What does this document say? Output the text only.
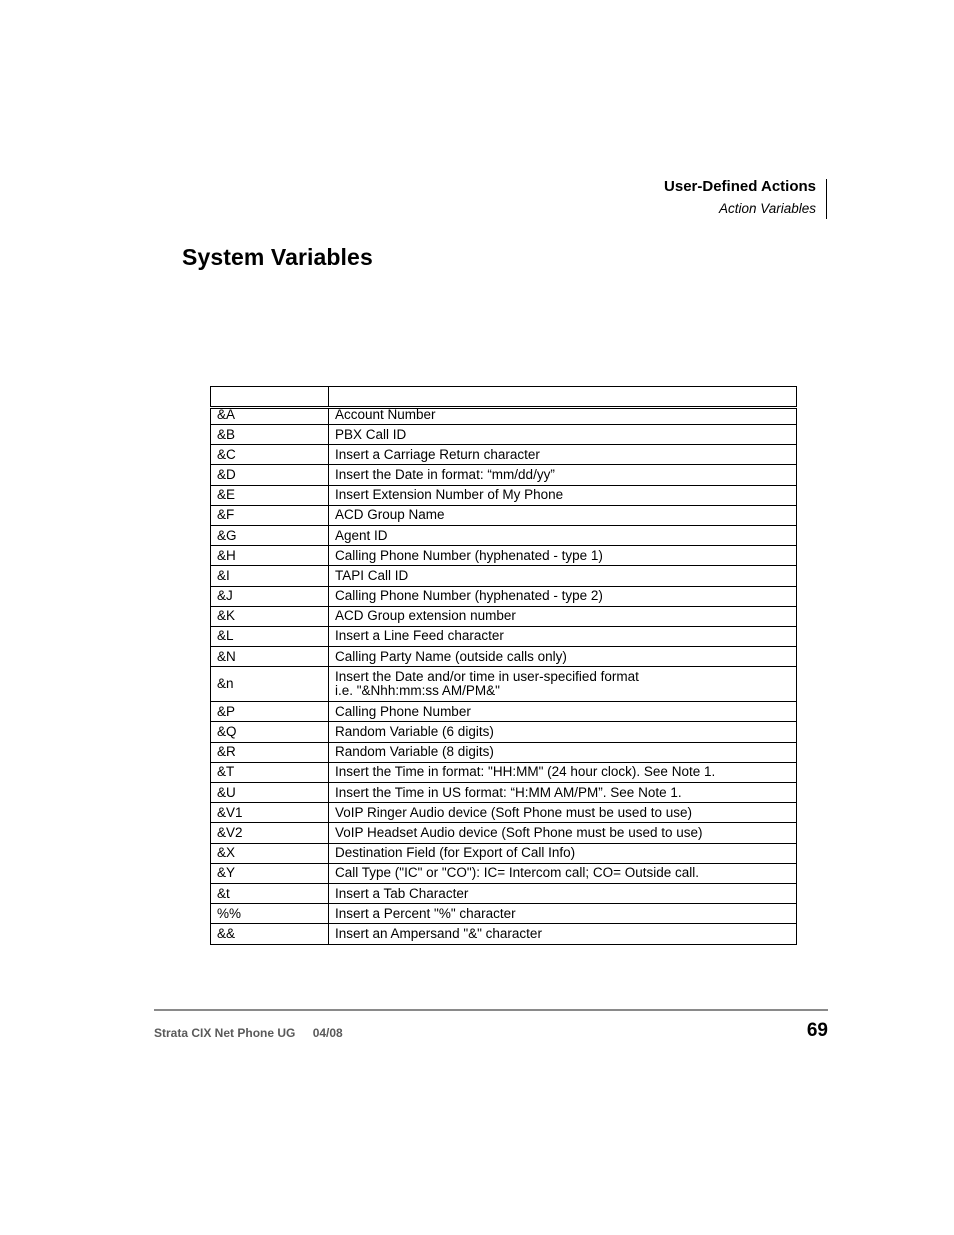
User-Defined Actions
Action Variables
System Variables

&A	Account Number
&B	PBX Call ID
&C	Insert a Carriage Return character
&D	Insert the Date in format: “mm/dd/yy”
&E	Insert Extension Number of My Phone
&F	ACD Group Name
&G	Agent ID
&H	Calling Phone Number (hyphenated - type 1)
&I	TAPI Call ID
&J	Calling Phone Number (hyphenated - type 2)
&K	ACD Group extension number
&L	Insert a Line Feed character
&N	Calling Party Name (outside calls only)
&n	Insert the Date and/or time in user-specified format
i.e. "&Nhh:mm:ss AM/PM&"

&P	Calling Phone Number
&Q	Random Variable (6 digits)
&R	Random Variable (8 digits)
&T	Insert the Time in format: "HH:MM" (24 hour clock). See Note 1.
&U	Insert the Time in US format: “H:MM AM/PM”. See Note 1.
&V1	VoIP Ringer Audio device (Soft Phone must be used to use)
&V2	VoIP Headset Audio device (Soft Phone must be used to use)
&X	Destination Field (for Export of Call Info)
&Y	Call Type ("IC" or "CO"): IC= Intercom call; CO= Outside call.
&t	Insert a Tab Character
%%	Insert a Percent "%" character
&&	Insert an Ampersand "&" character
Strata CIX Net Phone UG 04/08	69
